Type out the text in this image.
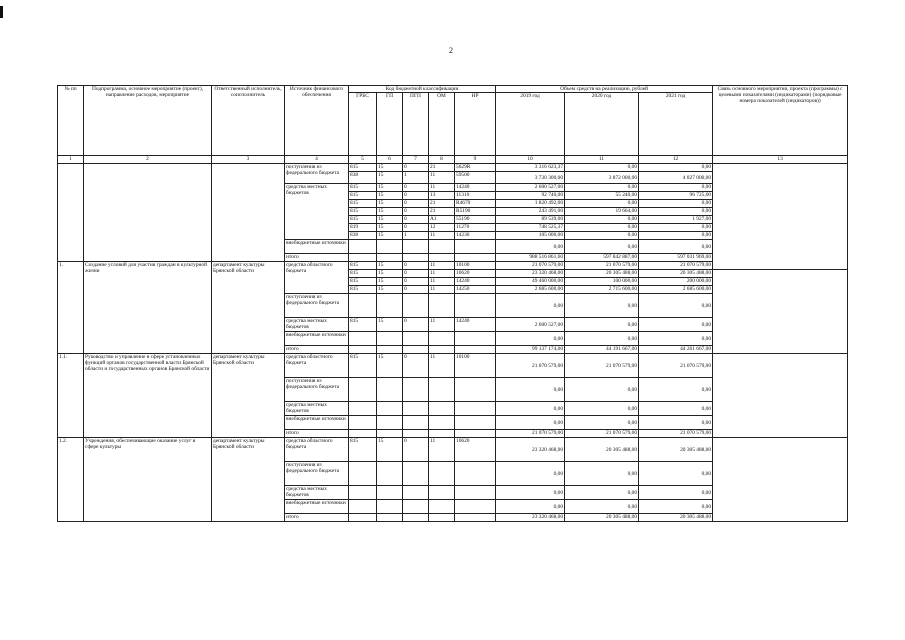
2
№ пп	Подпрограмма, основное мероприятие (проект), направление расходов, мероприятие	Ответственный исполнитель, соисполнитель	Источник финансового обеспечения	Код бюджетной классификации					Объем средств на реализацию, рублей			Связь основного мероприятия, проекта (программы) с целевыми показателями (индикаторами) (порядковые номера показателей (индикаторов))	
				ГРБС	ГП	ПГП	ОМ	НР	2019 год	2020 год	2021 год		
1	2	3	4	5	6	7	8	9	10	11	12	13	
			поступления из федерального бюджета	815	15	0	21	5629R	3 316 623,37	0,00	0,00		
				838	15	1	11	59500	3 730 300,00	3 872 000,00	4 027 000,00		
			средства местных бюджетов	815	15	0	11	14240	2 600 527,00	0,00	0,00		
				815	15	0	13	11310	92 740,00	55 240,00	96 725,00		
				815	15	0	21	R4670	1 820 492,00	0,00	0,00		
				815	15	0	21	R5190	243 491,00	19 664,00	0,00		
				815	15	0	A1	55190	89 539,00	0,00	1 927,00		
				819	15	0	12	11270	748 525,37	0,00	0,00		
				838	15	1	11	14230	105 000,00	0,00	0,00		
			внебюджетные источники						0,00	0,00	0,00		
			итого						988 516 861,60	597 842 887,00	597 031 969,00		
1.	Создание условий для участия граждан в культурной жизни	департамент культуры Брянской области	средства областного бюджета	815	15	0	11	10100	21 070 579,00	21 070 579,00	21 070 579,00	
				815	15	0	11	10620	23 320 468,00	20 305 488,00	20 305 488,00		
				815	15	0	11	14240	49 460 000,00	100 000,00	200 000,00		
				815	15	0	11	14250	2 685 600,00	2 715 600,00	2 685 600,00		
			поступления из федерального бюджета						0,00	0,00	0,00		
			средства местных бюджетов	815	15	0	11	14240	2 600 527,00	0,00	0,00		
			внебюджетные источники						0,00	0,00	0,00		
			итого						99 137 174,00	44 191 667,00	44 261 667,00		
1.1.	Руководство и управление в сфере установленных функций органов государственной власти Брянской области и государственных органов Брянской области	департамент культуры Брянской области	средства областного бюджета	815	15	0	11	10100	21 070 579,00	21 070 579,00	21 070 579,00		
			поступления из федерального бюджета						0,00	0,00	0,00		
			средства местных бюджетов						0,00	0,00	0,00		
			внебюджетные источники						0,00	0,00	0,00		
			итого						21 070 579,00	21 070 579,00	21 070 579,00		
1.2.	Учреждения, обеспечивающие оказание услуг в сфере культуры	департамент культуры Брянской области	средства областного бюджета	815	15	0	11	10620	23 320 468,00	20 305 488,00	20 305 488,00		
			поступления из федерального бюджета						0,00	0,00	0,00		
			средства местных бюджетов						0,00	0,00	0,00		
			внебюджетные источники						0,00	0,00	0,00		
			итого						23 320 468,00	20 305 488,00	20 305 488,00		
